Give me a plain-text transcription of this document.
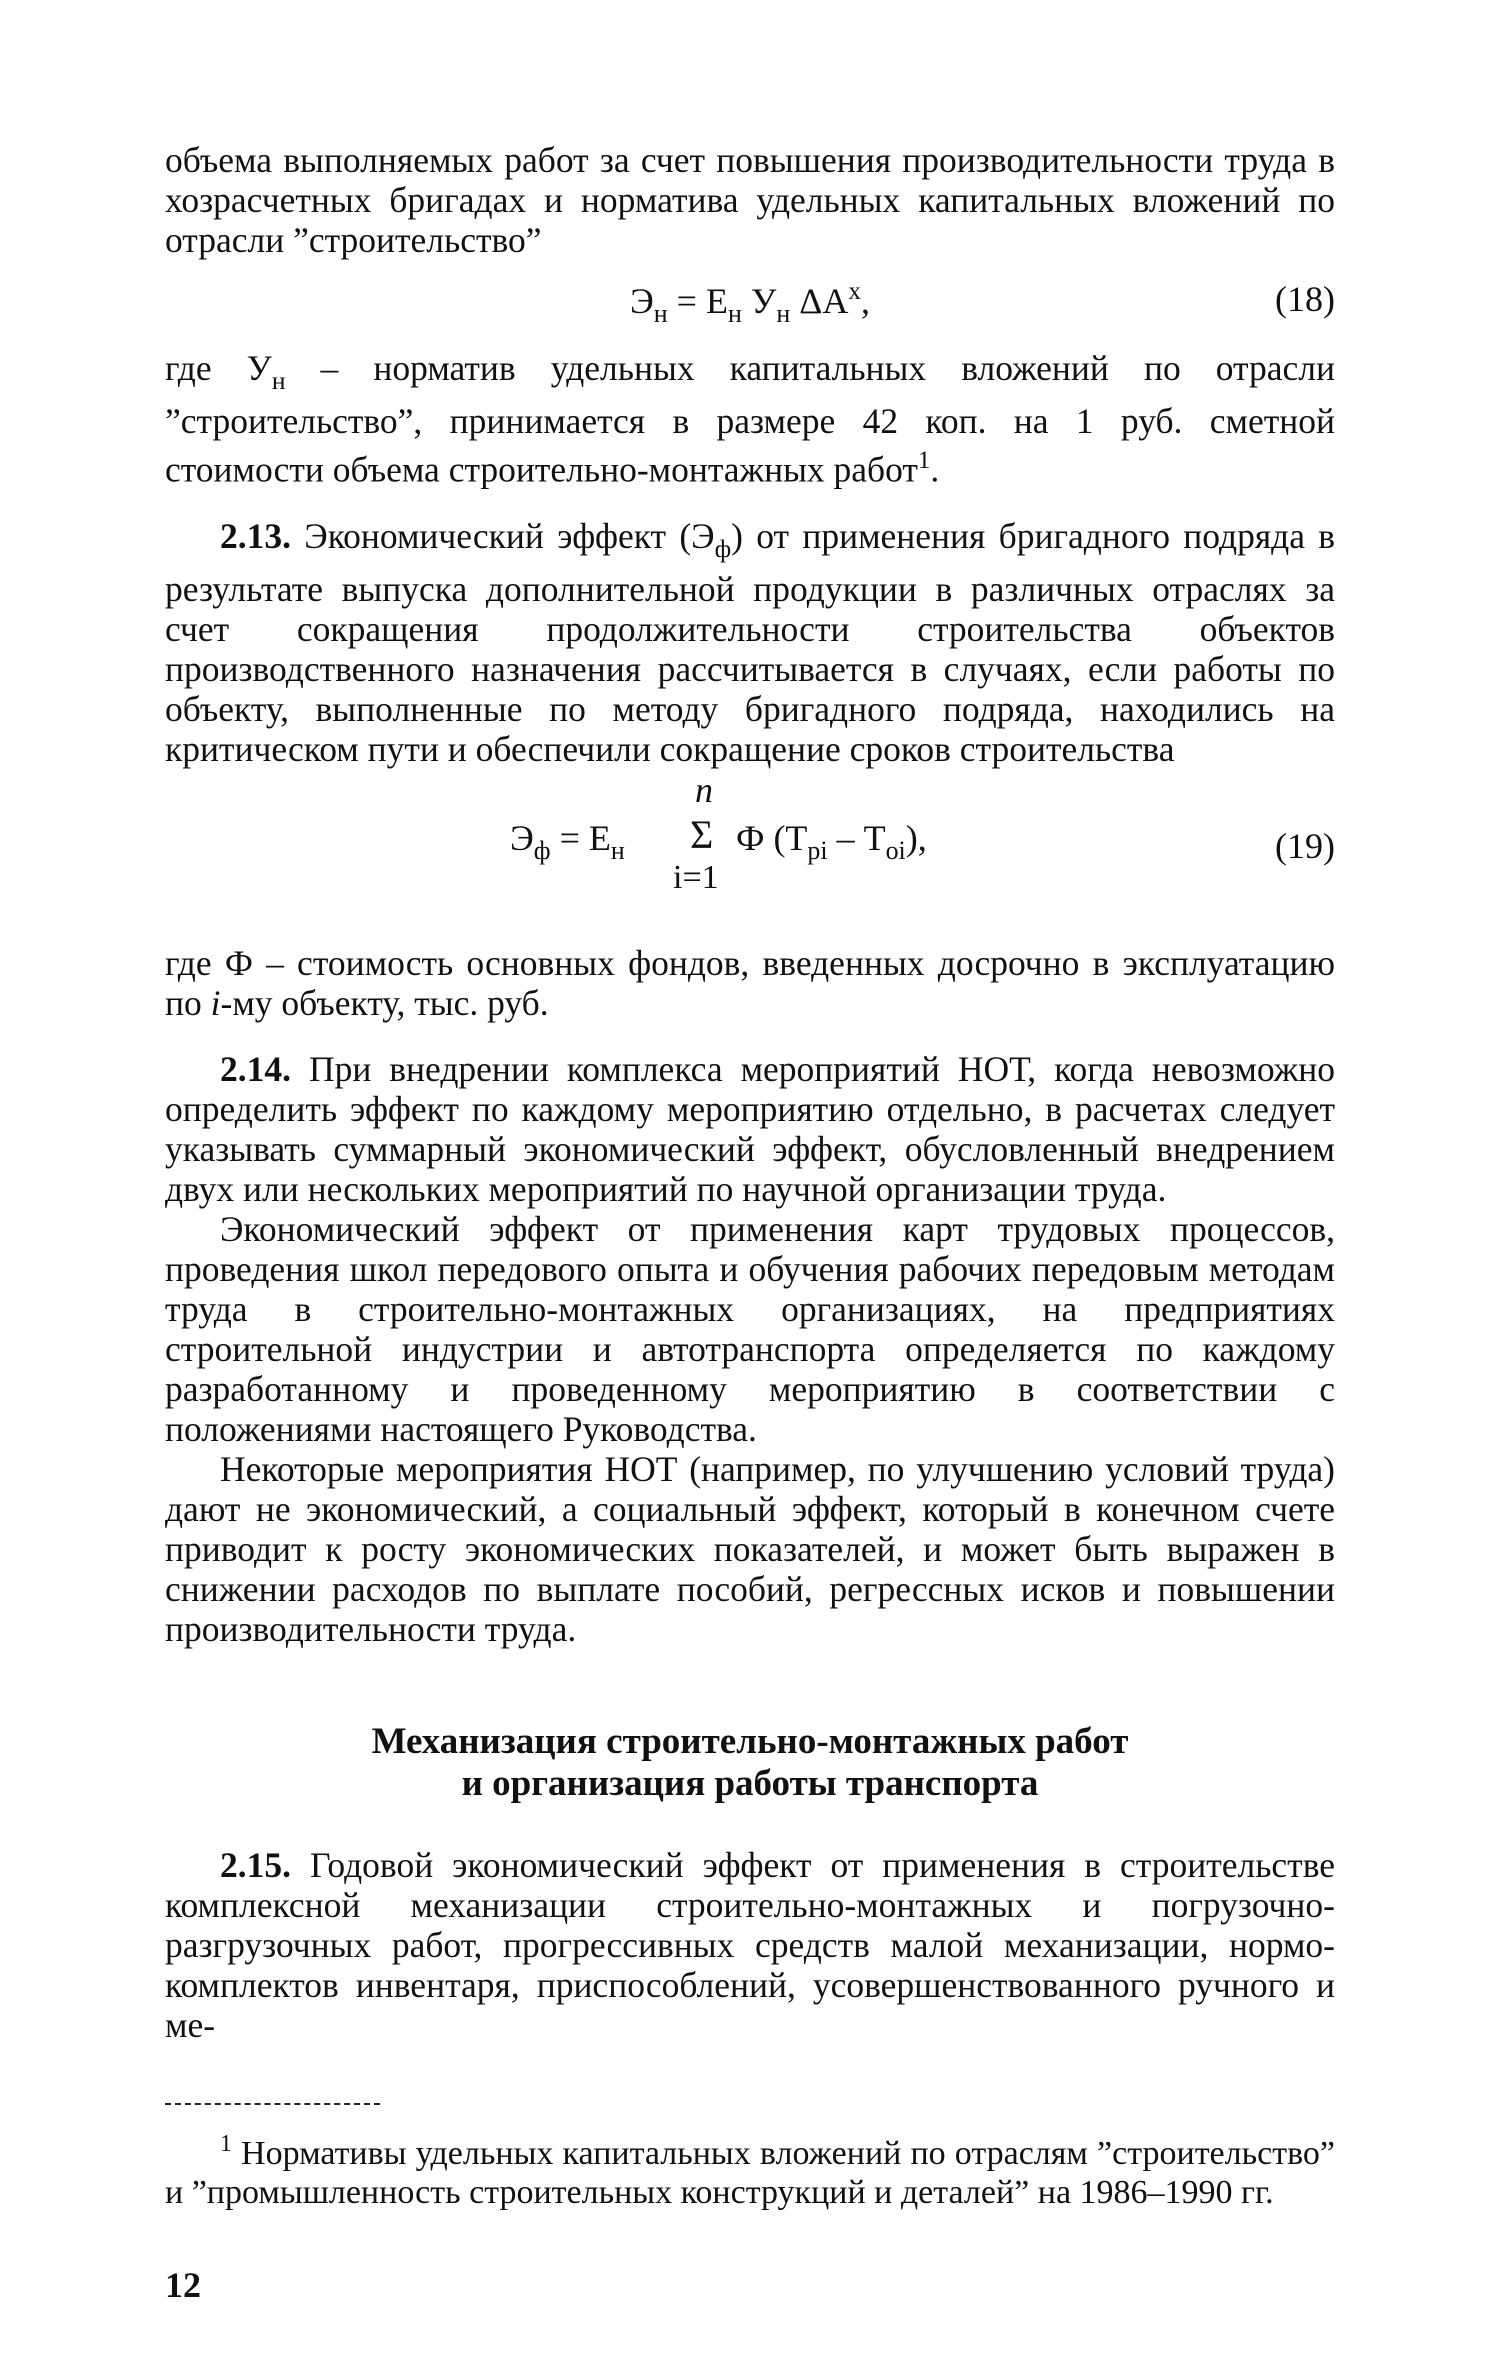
объема выполняемых работ за счет повышения производительности труда в хозрасчетных бригадах и норматива удельных капитальных вложений по отрасли ”строительство”

$Э_н = Е_н$ $У_н$ $\Delta А^х$,	(18)

где $У_н$ – норматив удельных капитальных вложений по отрасли ”строительство”, принимается в размере 42 коп. на 1 руб. сметной стоимости объема строительно-монтажных работ$^1$.

2.13. Экономический эффект $(Э_ф)$ от применения бригадного подряда в результате выпуска дополнительной продукции в различных отраслях за счет сокращения продолжительности строительства объектов производственного назначения рассчитывается в случаях, если работы по объекту, выполненные по методу бригадного подряда, находились на критическом пути и обеспечили сокращение сроков строительства

$Э_ф = Е_н$
n
Σ
i=1
Ф $(Т_{pi} - Т_{oi})$,	(19)

где Ф – стоимость основных фондов, введенных досрочно в эксплуатацию по i-му объекту, тыс. руб.

2.14. При внедрении комплекса мероприятий НОТ, когда невозможно определить эффект по каждому мероприятию отдельно, в расчетах следует указывать суммарный экономический эффект, обусловленный внедрением двух или нескольких мероприятий по научной организации труда.

Экономический эффект от применения карт трудовых процессов, проведения школ передового опыта и обучения рабочих передовым методам труда в строительно-монтажных организациях, на предприятиях строительной индустрии и автотранспорта определяется по каждому разработанному и проведенному мероприятию в соответствии с положениями настоящего Руководства.

Некоторые мероприятия НОТ (например, по улучшению условий труда) дают не экономический, а социальный эффект, который в конечном счете приводит к росту экономических показателей, и может быть выражен в снижении расходов по выплате пособий, регрессных исков и повышении производительности труда.

Механизация строительно-монтажных работ

и организация работы транспорта

2.15. Годовой экономический эффект от применения в строительстве комплексной механизации строительно-монтажных и погрузочно-разгрузочных работ, прогрессивных средств малой механизации, нормо-комплектов инвентаря, приспособлений, усовершенствованного ручного и ме-

$^1$ Нормативы удельных капитальных вложений по отраслям ”строительство” и ”промышленность строительных конструкций и деталей” на 1986–1990 гг.

12
